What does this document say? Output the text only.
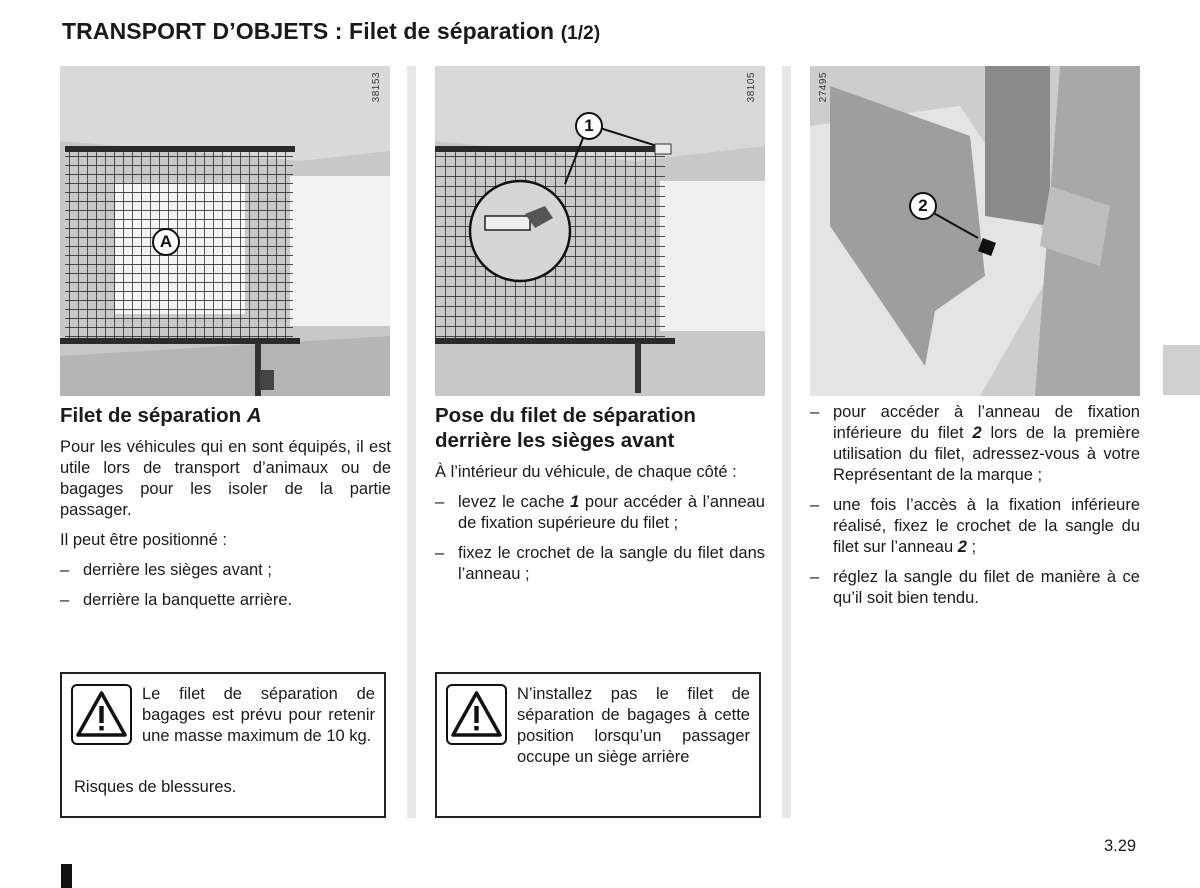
TRANSPORT D’OBJETS : Filet de séparation (1/2)
38153
A
38105
1
27495
2
Filet de séparation A

Pour les véhicules qui en sont équipés, il est utile lors de transport d’animaux ou de bagages pour les isoler de la partie passager.

Il peut être positionné :

– derrière les sièges avant ;
– derrière la banquette arrière.

Le filet de séparation de bagages est prévu pour retenir une masse maximum de 10 kg.

Risques de blessures.

Pose du filet de séparation derrière les sièges avant

À l’intérieur du véhicule, de chaque côté :

– levez le cache 1 pour accéder à l’anneau de fixation supérieure du filet ;
– fixez le crochet de la sangle du filet dans l’anneau ;

N’installez pas le filet de séparation de bagages à cette position lorsqu’un passager occupe un siège arrière

– pour accéder à l’anneau de fixation inférieure du filet 2 lors de la première utilisation du filet, adressez-vous à votre Représentant de la marque ;
– une fois l’accès à la fixation inférieure réalisé, fixez le crochet de la sangle du filet sur l’anneau 2 ;
– réglez la sangle du filet de manière à ce qu’il soit bien tendu.
3.29
